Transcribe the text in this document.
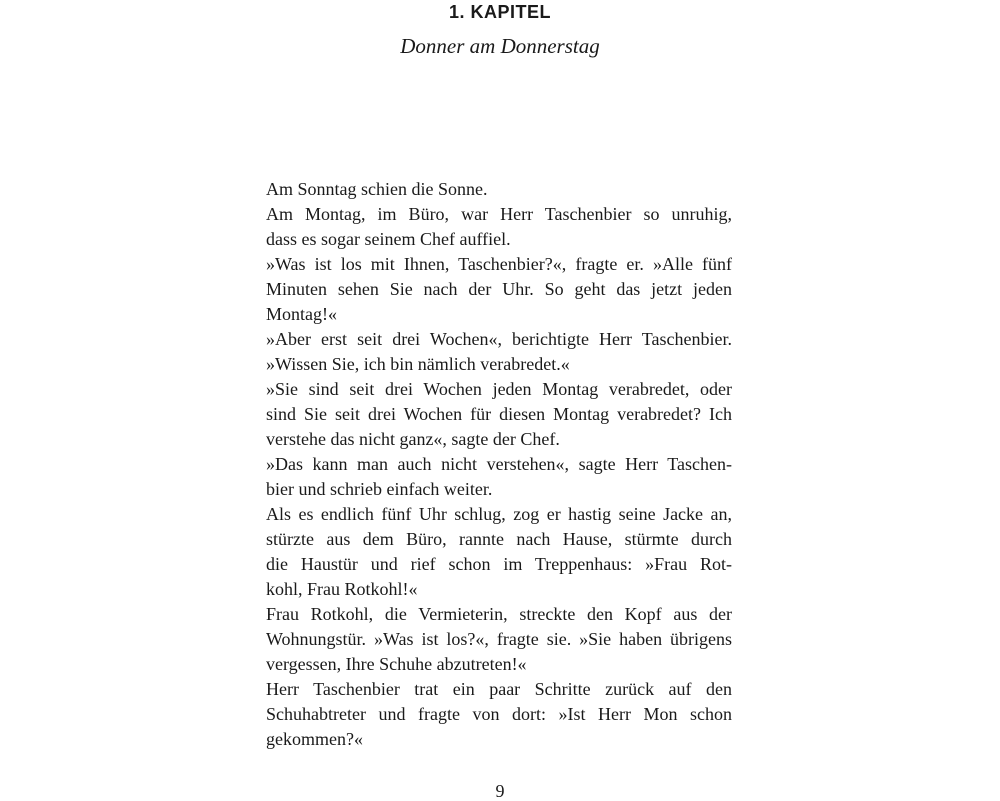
1. KAPITEL
Donner am Donnerstag
Am Sonntag schien die Sonne.
Am Montag, im Büro, war Herr Taschenbier so unruhig,
dass es sogar seinem Chef auffiel.
»Was ist los mit Ihnen, Taschenbier?«, fragte er. »Alle fünf
Minuten sehen Sie nach der Uhr. So geht das jetzt jeden
Montag!«
»Aber erst seit drei Wochen«, berichtigte Herr Taschenbier.
»Wissen Sie, ich bin nämlich verabredet.«
»Sie sind seit drei Wochen jeden Montag verabredet, oder
sind Sie seit drei Wochen für diesen Montag verabredet? Ich
verstehe das nicht ganz«, sagte der Chef.
»Das kann man auch nicht verstehen«, sagte Herr Taschen-
bier und schrieb einfach weiter.
Als es endlich fünf Uhr schlug, zog er hastig seine Jacke an,
stürzte aus dem Büro, rannte nach Hause, stürmte durch
die Haustür und rief schon im Treppenhaus: »Frau Rot-
kohl, Frau Rotkohl!«
Frau Rotkohl, die Vermieterin, streckte den Kopf aus der
Wohnungstür. »Was ist los?«, fragte sie. »Sie haben übrigens
vergessen, Ihre Schuhe abzutreten!«
Herr Taschenbier trat ein paar Schritte zurück auf den
Schuhabtreter und fragte von dort: »Ist Herr Mon schon
gekommen?«
9
